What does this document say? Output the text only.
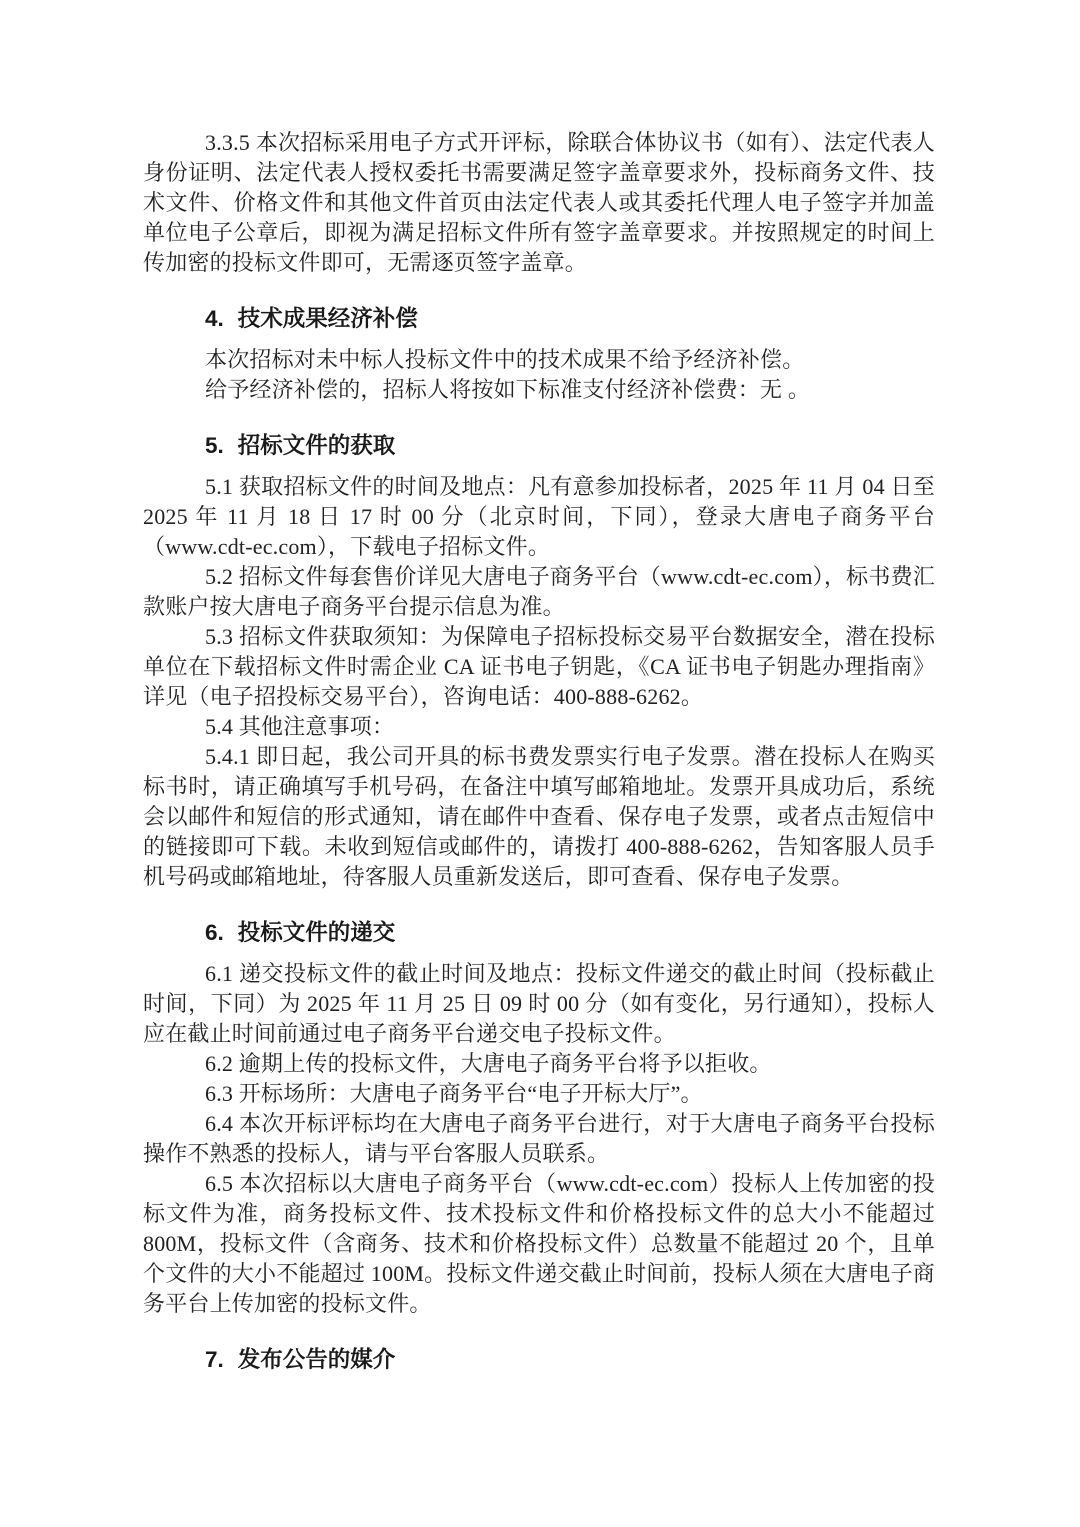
3.3.5 本次招标采用电子方式开评标，除联合体协议书（如有）、法定代表人身份证明、法定代表人授权委托书需要满足签字盖章要求外，投标商务文件、技术文件、价格文件和其他文件首页由法定代表人或其委托代理人电子签字并加盖单位电子公章后，即视为满足招标文件所有签字盖章要求。并按照规定的时间上传加密的投标文件即可，无需逐页签字盖章。

4. 技术成果经济补偿

本次招标对未中标人投标文件中的技术成果不给予经济补偿。

给予经济补偿的，招标人将按如下标准支付经济补偿费：无 。

5. 招标文件的获取

5.1 获取招标文件的时间及地点：凡有意参加投标者，2025 年 11 月 04 日至 2025 年 11 月 18 日 17 时 00 分（北京时间，下同），登录大唐电子商务平台（www.cdt-ec.com），下载电子招标文件。

5.2 招标文件每套售价详见大唐电子商务平台（www.cdt-ec.com），标书费汇款账户按大唐电子商务平台提示信息为准。

5.3 招标文件获取须知：为保障电子招标投标交易平台数据安全，潜在投标单位在下载招标文件时需企业 CA 证书电子钥匙，《CA 证书电子钥匙办理指南》详见（电子招投标交易平台），咨询电话：400-888-6262。

5.4 其他注意事项：

5.4.1 即日起，我公司开具的标书费发票实行电子发票。潜在投标人在购买标书时，请正确填写手机号码，在备注中填写邮箱地址。发票开具成功后，系统会以邮件和短信的形式通知，请在邮件中查看、保存电子发票，或者点击短信中的链接即可下载。未收到短信或邮件的，请拨打 400-888-6262，告知客服人员手机号码或邮箱地址，待客服人员重新发送后，即可查看、保存电子发票。

6. 投标文件的递交

6.1 递交投标文件的截止时间及地点：投标文件递交的截止时间（投标截止时间，下同）为 2025 年 11 月 25 日 09 时 00 分（如有变化，另行通知），投标人应在截止时间前通过电子商务平台递交电子投标文件。

6.2 逾期上传的投标文件，大唐电子商务平台将予以拒收。

6.3 开标场所：大唐电子商务平台“电子开标大厅”。

6.4 本次开标评标均在大唐电子商务平台进行，对于大唐电子商务平台投标操作不熟悉的投标人，请与平台客服人员联系。

6.5 本次招标以大唐电子商务平台（www.cdt-ec.com）投标人上传加密的投标文件为准，商务投标文件、技术投标文件和价格投标文件的总大小不能超过 800M，投标文件（含商务、技术和价格投标文件）总数量不能超过 20 个，且单个文件的大小不能超过 100M。投标文件递交截止时间前，投标人须在大唐电子商务平台上传加密的投标文件。

7. 发布公告的媒介
